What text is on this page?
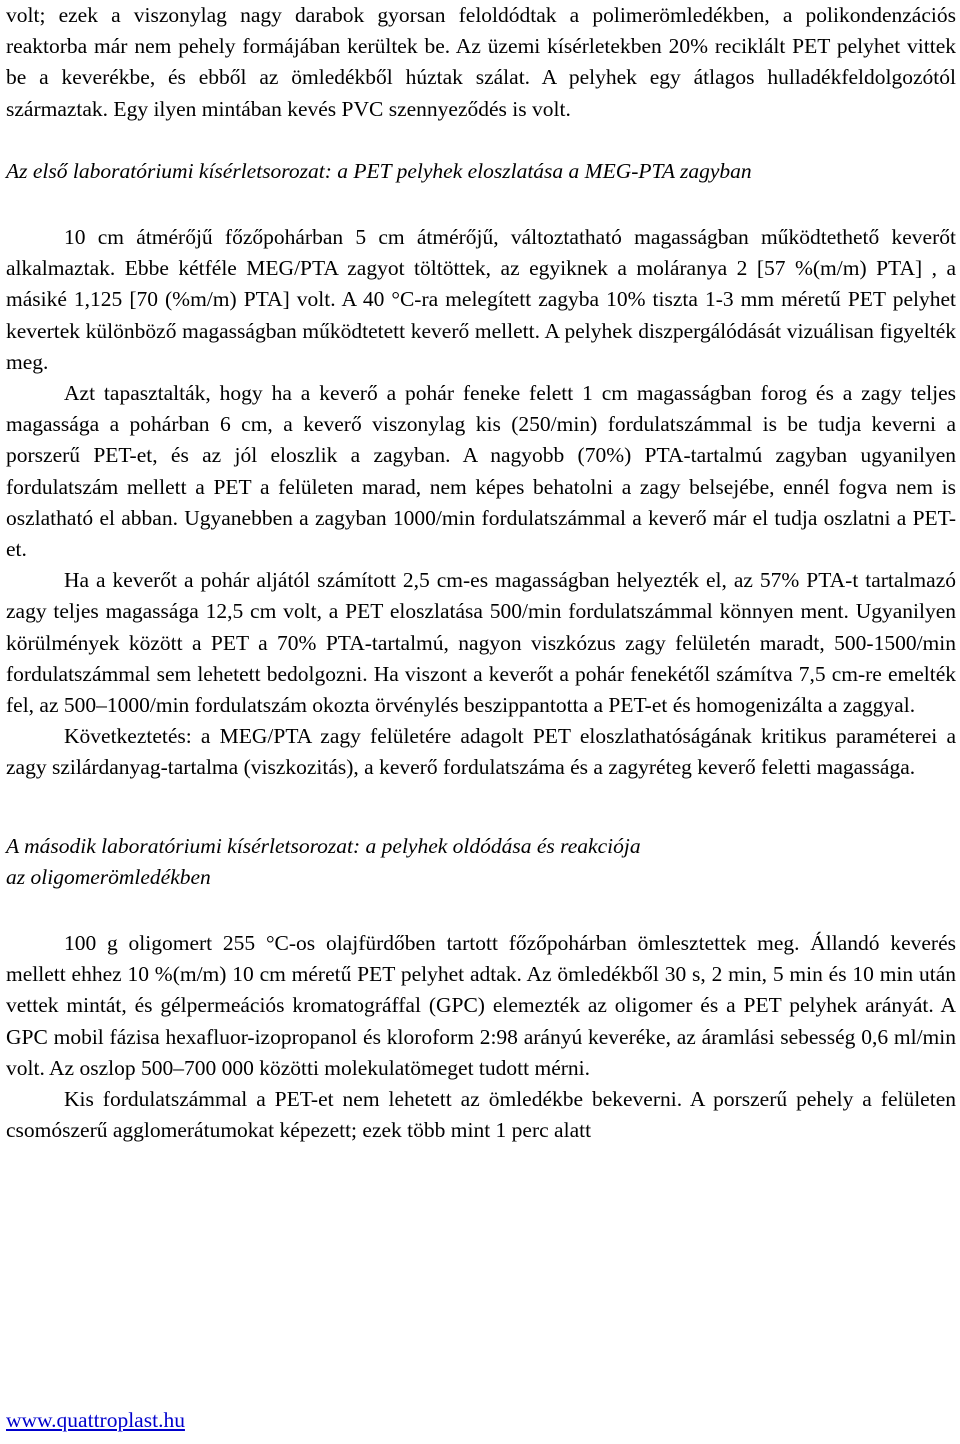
volt; ezek a viszonylag nagy darabok gyorsan feloldódtak a polimerömledékben, a polikondenzációs reaktorba már nem pehely formájában kerültek be. Az üzemi kísérletekben 20% reciklált PET pelyhet vittek be a keverékbe, és ebből az ömledékből húztak szálat. A pelyhek egy átlagos hulladékfeldolgozótól származtak. Egy ilyen mintában kevés PVC szennyeződés is volt.

Az első laboratóriumi kísérletsorozat: a PET pelyhek eloszlatása a MEG-PTA zagyban

10 cm átmérőjű főzőpohárban 5 cm átmérőjű, változtatható magasságban működtethető keverőt alkalmaztak. Ebbe kétféle MEG/PTA zagyot töltöttek, az egyiknek a moláranya 2 [57 %(m/m) PTA] , a másiké 1,125 [70 (%m/m) PTA] volt. A 40 °C-ra melegített zagyba 10% tiszta 1-3 mm méretű PET pelyhet kevertek különböző magasságban működtetett keverő mellett. A pelyhek diszpergálódását vizuálisan figyelték meg.

Azt tapasztalták, hogy ha a keverő a pohár feneke felett 1 cm magasságban forog és a zagy teljes magassága a pohárban 6 cm, a keverő viszonylag kis (250/min) fordulatszámmal is be tudja keverni a porszerű PET-et, és az jól eloszlik a zagyban. A nagyobb (70%) PTA-tartalmú zagyban ugyanilyen fordulatszám mellett a PET a felületen marad, nem képes behatolni a zagy belsejébe, ennél fogva nem is oszlatható el abban. Ugyanebben a zagyban 1000/min fordulatszámmal a keverő már el tudja oszlatni a PET-et.

Ha a keverőt a pohár aljától számított 2,5 cm-es magasságban helyezték el, az 57% PTA-t tartalmazó zagy teljes magassága 12,5 cm volt, a PET eloszlatása 500/min fordulatszámmal könnyen ment. Ugyanilyen körülmények között a PET a 70% PTA-tartalmú, nagyon viszkózus zagy felületén maradt, 500-1500/min fordulatszámmal sem lehetett bedolgozni. Ha viszont a keverőt a pohár fenekétől számítva 7,5 cm-re emelték fel, az 500–1000/min fordulatszám okozta örvénylés beszippantotta a PET-et és homogenizálta a zaggyal.

Következtetés: a MEG/PTA zagy felületére adagolt PET eloszlathatóságának kritikus paraméterei a zagy szilárdanyag-tartalma (viszkozitás), a keverő fordulatszáma és a zagyréteg keverő feletti magassága.

A második laboratóriumi kísérletsorozat: a pelyhek oldódása és reakciója

az oligomerömledékben

100 g oligomert 255 °C-os olajfürdőben tartott főzőpohárban ömlesztettek meg. Állandó keverés mellett ehhez 10 %(m/m) 10 cm méretű PET pelyhet adtak. Az ömledékből 30 s, 2 min, 5 min és 10 min után vettek mintát, és gélpermeációs kromatográffal (GPC) elemezték az oligomer és a PET pelyhek arányát. A GPC mobil fázisa hexafluor-izopropanol és kloroform 2:98 arányú keveréke, az áramlási sebesség 0,6 ml/min volt. Az oszlop 500–700 000 közötti molekulatömeget tudott mérni.

Kis fordulatszámmal a PET-et nem lehetett az ömledékbe bekeverni. A porszerű pehely a felületen csomószerű agglomerátumokat képezett; ezek több mint 1 perc alatt

www.quattroplast.hu
